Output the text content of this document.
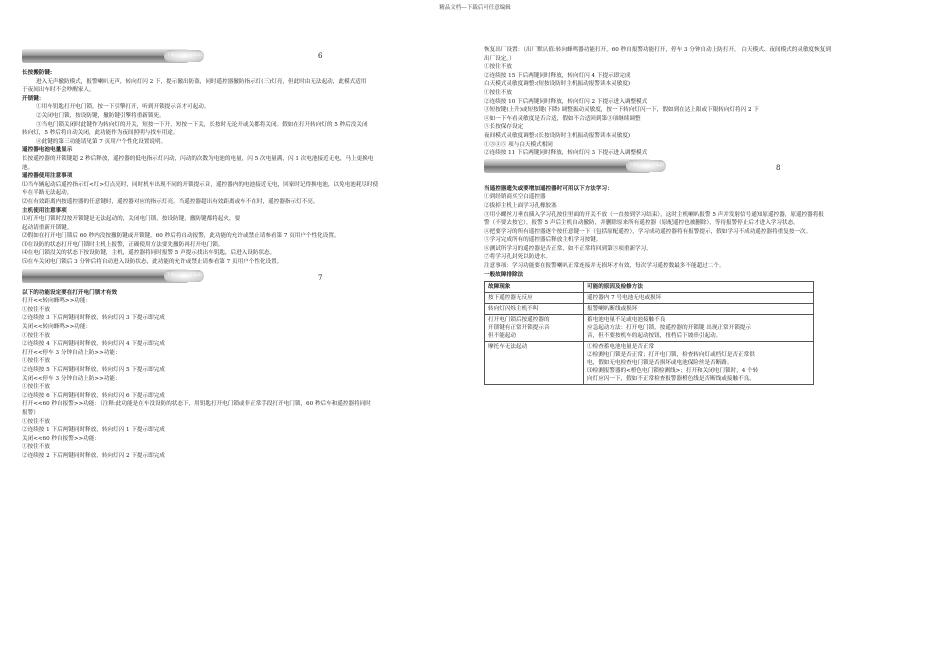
精品文档---下载后可任意编辑
下载后可任意编辑	6
长按搬防键:
进入无声撤防模式，报警喇叭无声，转向灯闪 2 下，提示撤出防盗，同时遥控器撤防指示灯(三)灯亮，但此时由无法起动，此模式适用
于夜间出车时不会吵醒家人。
开锁键：
①用车钥匙打开电门锁，按一下引擎打开，听到开锁提示音才可起动。
②关闭电门锁，按设防键，撤防键引擎将重新锁死。
③当电门锁关闭时此键作为转向灯的开关，短按一下开，短按一下关，长按时无论开或关都将关闭。假如在打开转向灯的 5 秒后没关闭
转向灯，5 秒后将自动关闭，此功能作为夜间照明与找车用途。
④此键的第三功能请见第 7 页用户个性化设置说明。
遥控器电池电量显示
长按遥控器的开锁键超 2 秒后释放，遥控器的低电指示灯闪动，闪动的次数为电池的电量，闪 5 次电量满，闪 1 次电池接近无电，马上更换电
池。
遥控器使用注意事项
⑴当车辆起动后遥控指示灯<红>灯点亮时，同时机车出现不同的开锁提示音，遥控器内的电池接近无电，回家时记得换电池，以免电池耗尽时使
车在半路无法起动。
⑵在有效距离内按遥控器的任意键时，遥控器对应的指示灯亮。当遥控器超出有效距离或车不在时，遥控器指示灯不亮。
主机使用注意事项
⑴打开电门锁时没按开锁键是无法起动的，关闭电门锁，按设防键，撤防键都将起火，要
起动请重新开锁键。
⑵假如在打开电门锁后 60 秒内没按撤防键或开锁键，60 秒后将自动报警，此功能的允许或禁止请参看第 7 页用户个性化设置。
⑶在设防的状态打开电门锁时主机上报警，正确使用方法要先撤防再打开电门锁。
⑷在电门锁没关的状态下按设防键，主机，遥控器将同时报警 5 声提示找出车钥匙，后进入设防状态。
⑸在车关闭电门锁后 3 分钟后将自动进入设防状态，此功能的允许或禁止请参看第 7 页用户个性化设置。
下载后可任意编辑	7
以下的功能设定要在打开电门锁才有效
打开<<转向蜂鸣>>功能：
①按住不放
②连续按 3 下后两键同时释放，转向灯闪 3 下提示即完成
关闭<<转向蜂鸣>>功能：
①按住不放
②连续按 4 下后两键同时释放，转向灯闪 4 下提示即完成
打开<<停车 3 分钟自动上防>>功能：
①按住不放
②连续按 5 下后两键同时释放，转向灯闪 5 下提示即完成
关闭<<停车 3 分钟自动上防>>功能：
①按住不放
②连续按 6 下后两键同时释放，转向灯闪 6 下提示即完成
打开<<60 秒自报警>>功能：（注释:此功能是在车没设防的状态下，用钥匙打开电门锁或非正常手段打开电门锁，60 秒后车和遥控器将同时
报警）
①按住不放
②连续按 1 下后两键同时释放，转向灯闪 1 下提示即完成
关闭<<60 秒自报警>>功能：
①按住不放
②连续按 2 下后两键同时释放，转向灯闪 2 下提示即完成
恢复出厂设置：（出厂默认值:转向蜂鸣器功能打开，60 秒自报警功能打开，停车 3 分钟自动上防打开， 白天模式、夜间模式的灵敏度恢复到
出厂设定。）
①按住不放
②连续按 15 下后两键同时释放，转向灯闪 4 下提示即完成
白天模式灵敏度调整:(短按设防时主机振动报警读本灵敏度)
①按住不放
②连续按 10 下后两键同时释放，转向灯闪 2 下提示进入调整模式
③短按键(上升)或短按键(下降) 调整振动灵敏度，按一下转向灯闪一下，假如到在达上限或下限转向灯将闪 2 下
④如一下车看灵敏度是否合适，假如不合适回到第③项继续调整
⑤长按保存设定
夜间模式灵敏度调整:(长按设防时主机振动报警读本灵敏度)
①③④⑤ 项与白天模式相同
②连续按 11 下后两键同时释放，转向灯闪 3 下提示进入调整模式
下载后可任意编辑	8
当遥控器遗失或要增加遥控器时可用以下方法学习：
①到经销商买空白遥控器
②拔掉主机上面学习孔橡胶塞
③用小螺丝刀垂直插入学习孔按住里面的开关不放（一直按到学习结束），这时主机喇叭报警 5 声并发射信号通知原遥控器，原遥控器将报
警（不要去按它），报警 5 声后主机自动撤防，并删除原来所有遥控器（原配遥控也被删除），等待报警停止后才进入学习状态。
④把要学习的所有遥控器逐个按任意键一下（包括原配遥控），学习成功遥控器将有报警提示，假如学习不成功遥控器将重复按一次。
⑤学习完成所有的遥控器后释放主机学习按键。
⑥测试所学习的遥控器是否正常，如不正常将回到第③项重新学习。
⑦将学习孔封死以防进水。
注意事项：学习功能要在报警喇叭正常连接并无损坏才有效，每次学习遥控数最多不能超过二个。
一般故障排除法
故障现象	可能的原因及检修方法
按下遥控器无反应	遥控器内 7 号电池无电或损坏
转向灯闪烁主机不叫	报警喇叭断线或损坏
打开电门锁后按遥控器的
开锁键有正常开锁提示音
但不能起动	蓄电池电量不足或电池接触不良
应急起动方法：打开电门锁，按遥控器的开锁键 出现正常开锁提示
音，但不要按机车的起动按钮，扭档后下坡串引起动。
摩托车无法起动	①检查蓄电池电量是否正常
②检测电门锁是否正常；打开电门锁，检查转向灯或档灯是否正常供
电，假如无电检查电门锁是否损坏或电池保险丝是否断路。
⑶检测报警器的<橙色电门锁检测线>；打开和关闭电门锁时，4 个转
向灯应闪一下，假如不正常检查报警器橙色线是否断线或接触不良。
